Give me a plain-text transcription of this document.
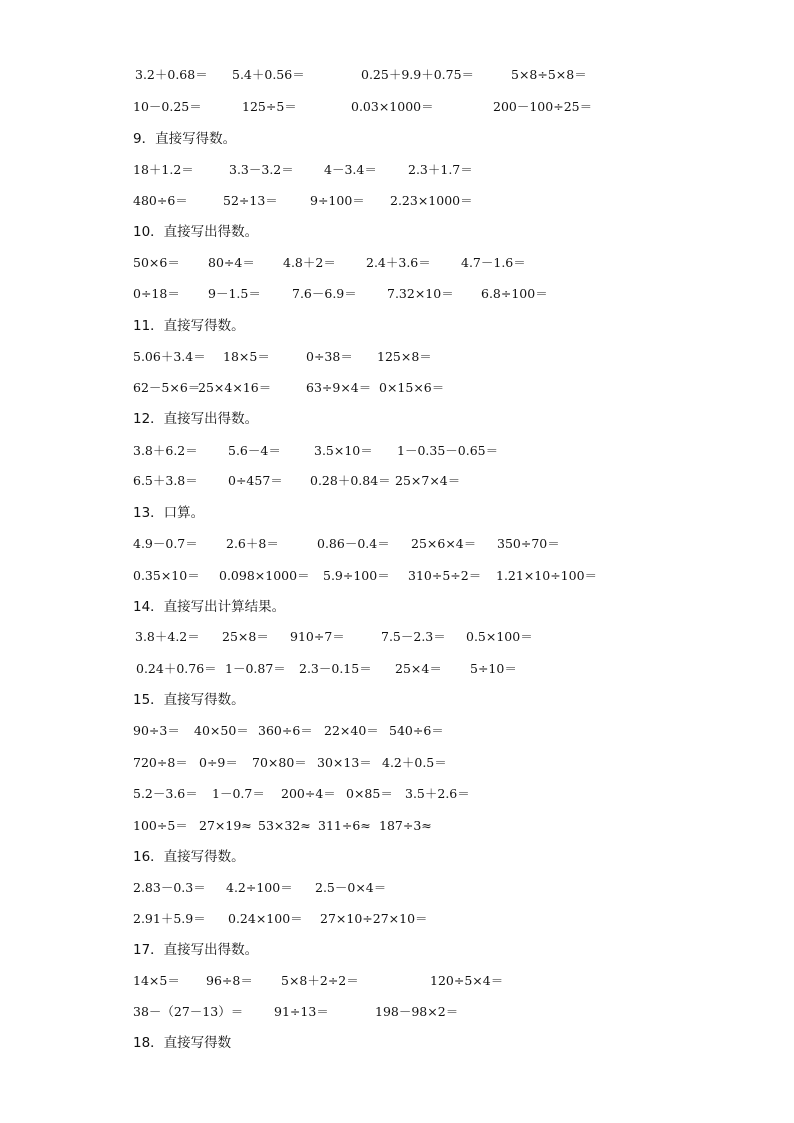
3.2＋0.68＝ 5.4＋0.56＝	0.25＋9.9＋0.75＝	5×8÷5×8＝
10－0.25＝	125÷5＝	0.03×1000＝	200－100÷25＝
9．直接写得数。
18＋1.2＝	3.3－3.2＝ 4－3.4＝ 2.3＋1.7＝
480÷6＝	52÷13＝	9÷100＝ 2.23×1000＝
10．直接写出得数。
50×6＝ 80÷4＝ 4.8＋2＝ 2.4＋3.6＝ 4.7－1.6＝
0÷18＝ 9－1.5＝ 7.6－6.9＝ 7.32×10＝ 6.8÷100＝
11．直接写得数。
5.06＋3.4＝ 18×5＝	0÷38＝ 125×8＝
62－5×6＝
25×4×16＝	63÷9×4＝ 0×15×6＝
12．直接写出得数。
3.8＋6.2＝ 5.6－4＝	3.5×10＝ 1－0.35－0.65＝
6.5＋3.8＝ 0÷457＝ 0.28＋0.84＝ 25×7×4＝
13．口算。
4.9－0.7＝ 2.6＋8＝	0.86－0.4＝ 25×6×4＝ 350÷70＝
0.35×10＝ 0.098×1000＝ 5.9÷100＝ 310÷5÷2＝ 1.21×10÷100＝
14．直接写出计算结果。
3.8＋4.2＝ 25×8＝ 910÷7＝	7.5－2.3＝ 0.5×100＝
0.24＋0.76＝ 1－0.87＝ 2.3－0.15＝ 25×4＝ 5÷10＝
15．直接写得数。
90÷3＝ 40×50＝ 360÷6＝ 22×40＝ 540÷6＝
720÷8＝ 0÷9＝ 70×80＝ 30×13＝ 4.2＋0.5＝
5.2－3.6＝ 1－0.7＝ 200÷4＝ 0×85＝ 3.5＋2.6＝
100÷5＝ 27×19≈ 53×32≈ 311÷6≈ 187÷3≈
16．直接写得数。
2.83－0.3＝ 4.2÷100＝ 2.5－0×4＝
2.91＋5.9＝ 0.24×100＝ 27×10÷27×10＝
17．直接写出得数。
14×5＝ 96÷8＝ 5×8＋2÷2＝	120÷5×4＝
38－（27－13）＝ 91÷13＝	198－98×2＝
18．直接写得数
